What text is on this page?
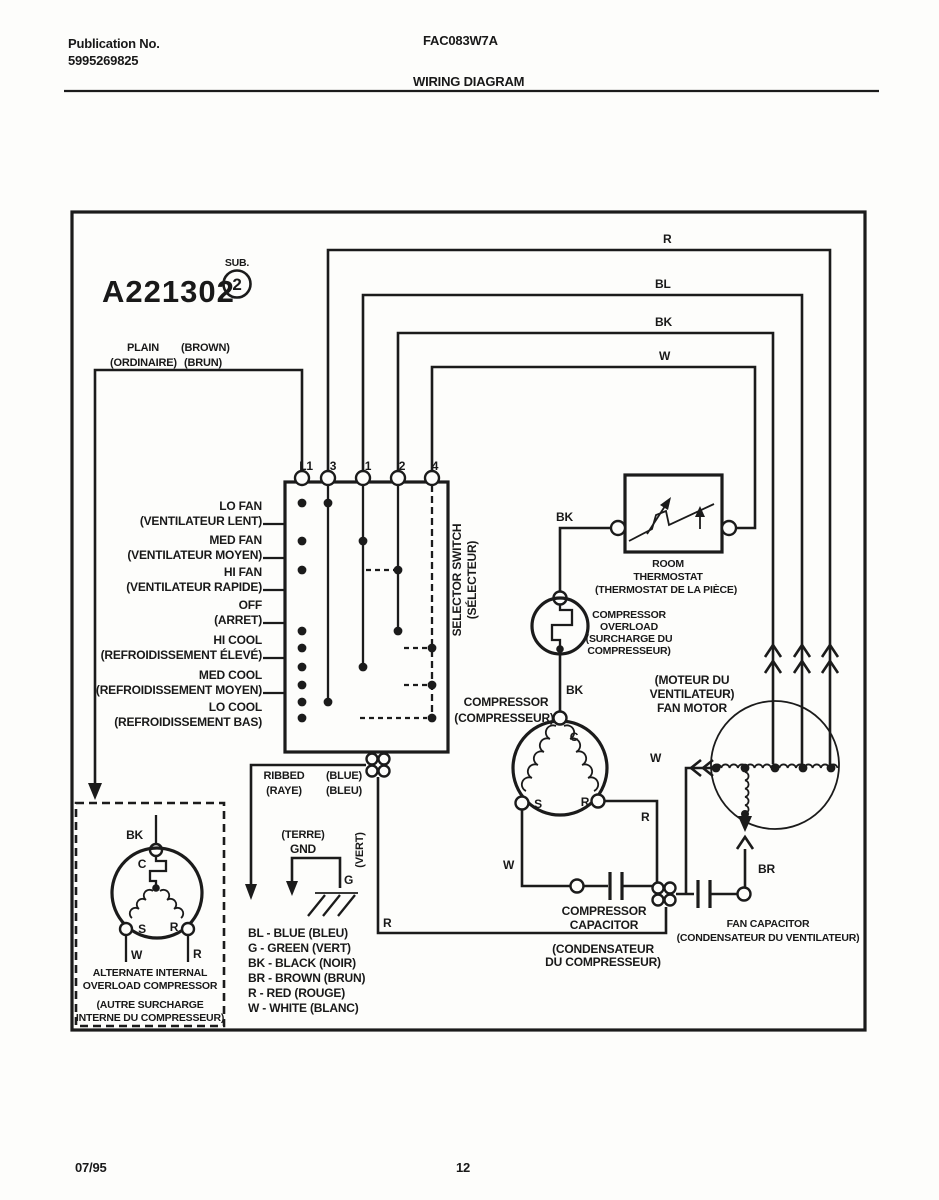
Publication No.
5995269825
FAC083W7A
WIRING DIAGRAM
A221302
SUB.
2
R
BL
BK
W
PLAIN (BROWN)
(ORDINAIRE) (BRUN)
L1 3 1 2 4
LO FAN
(VENTILATEUR LENT)
MED FAN
(VENTILATEUR MOYEN)
HI FAN
(VENTILATEUR RAPIDE)
OFF
(ARRET)
HI COOL
(REFROIDISSEMENT ÉLEVÉ)
MED COOL
(REFROIDISSEMENT MOYEN)
LO COOL
(REFROIDISSEMENT BAS)
SELECTOR SWITCH (SÉLECTEUR)
RIBBED
(RAYE)
(BLUE)
(BLEU)
(VERT)
R
(TERRE)
GND
G
BK
C
S R
W	R
ALTERNATE INTERNAL
OVERLOAD COMPRESSOR
(AUTRE SURCHARGE
INTERNE DU COMPRESSEUR)
ROOM
THERMOSTAT
(THERMOSTAT DE LA PIÈCE)
BK
BK
COMPRESSOR
OVERLOAD
(SURCHARGE DU
COMPRESSEUR)
C
S	R
COMPRESSOR
(COMPRESSEUR)
W
R
BR
W
(MOTEUR DU
VENTILATEUR)
FAN MOTOR
COMPRESSOR
CAPACITOR
(CONDENSATEUR
DU COMPRESSEUR)
FAN CAPACITOR
(CONDENSATEUR DU VENTILATEUR)
BL - BLUE (BLEU)
G - GREEN (VERT)
BK - BLACK (NOIR)
BR - BROWN (BRUN)
R - RED (ROUGE)
W - WHITE (BLANC)
07/95	12
